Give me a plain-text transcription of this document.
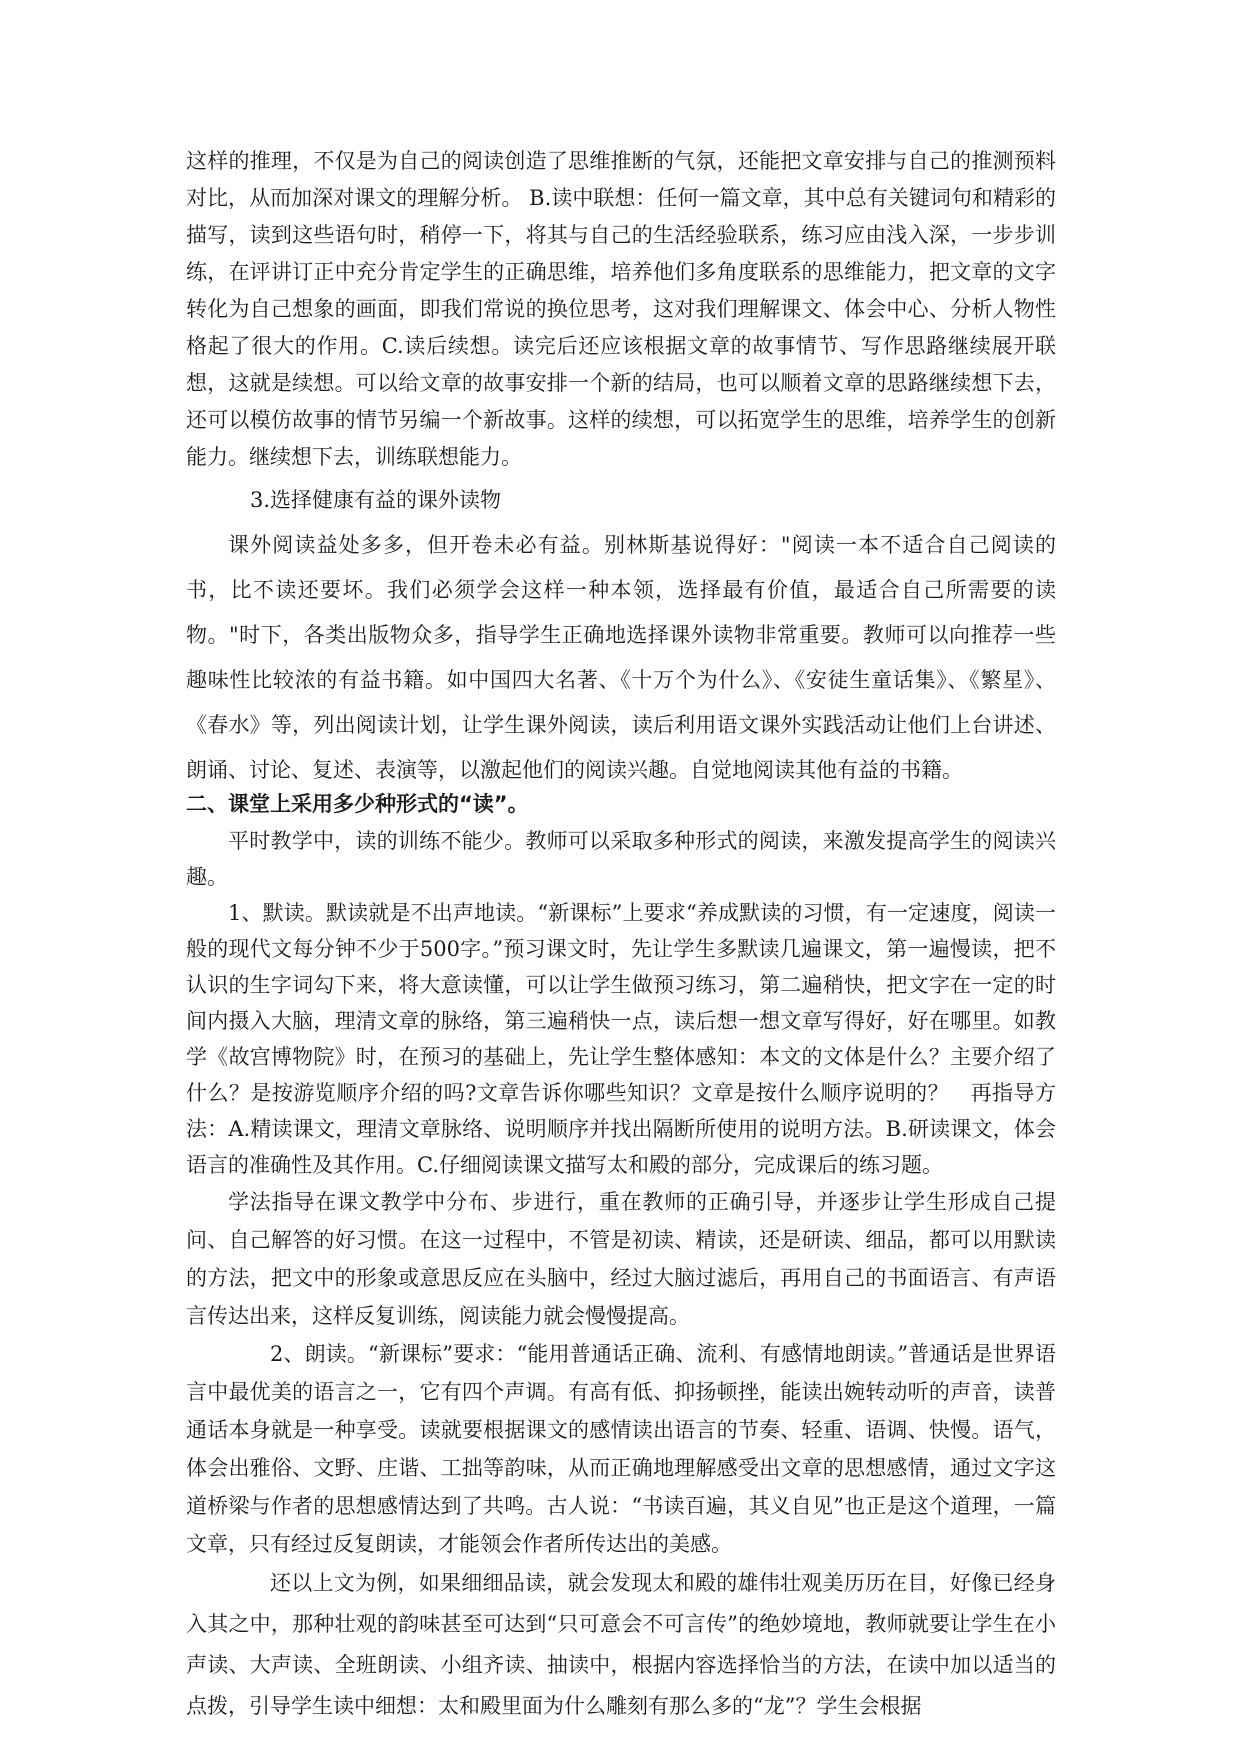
这样的推理，不仅是为自己的阅读创造了思维推断的气氛，还能把文章安排与自己的推测预料对比，从而加深对课文的理解分析。 B.读中联想：任何一篇文章，其中总有关键词句和精彩的描写，读到这些语句时，稍停一下，将其与自己的生活经验联系，练习应由浅入深，一步步训练，在评讲订正中充分肯定学生的正确思维，培养他们多角度联系的思维能力，把文章的文字转化为自己想象的画面，即我们常说的换位思考，这对我们理解课文、体会中心、分析人物性格起了很大的作用。C.读后续想。读完后还应该根据文章的故事情节、写作思路继续展开联想，这就是续想。可以给文章的故事安排一个新的结局，也可以顺着文章的思路继续想下去，还可以模仿故事的情节另编一个新故事。这样的续想，可以拓宽学生的思维，培养学生的创新能力。继续想下去，训练联想能力。

3.选择健康有益的课外读物

课外阅读益处多多，但开卷未必有益。别林斯基说得好："阅读一本不适合自己阅读的书，比不读还要坏。我们必须学会这样一种本领，选择最有价值，最适合自己所需要的读物。"时下，各类出版物众多，指导学生正确地选择课外读物非常重要。教师可以向推荐一些趣味性比较浓的有益书籍。如中国四大名著、《十万个为什么》、《安徒生童话集》、《繁星》、《春水》等，列出阅读计划，让学生课外阅读，读后利用语文课外实践活动让他们上台讲述、朗诵、讨论、复述、表演等，以激起他们的阅读兴趣。自觉地阅读其他有益的书籍。

二、课堂上采用多少种形式的“读”。

平时教学中，读的训练不能少。教师可以采取多种形式的阅读，来激发提高学生的阅读兴趣。

1、默读。默读就是不出声地读。“新课标”上要求“养成默读的习惯，有一定速度，阅读一般的现代文每分钟不少于500字。”预习课文时，先让学生多默读几遍课文，第一遍慢读，把不认识的生字词勾下来，将大意读懂，可以让学生做预习练习，第二遍稍快，把文字在一定的时间内摄入大脑，理清文章的脉络，第三遍稍快一点，读后想一想文章写得好，好在哪里。如教学《故宫博物院》时，在预习的基础上，先让学生整体感知：本文的文体是什么？主要介绍了什么？是按游览顺序介绍的吗?文章告诉你哪些知识？文章是按什么顺序说明的？　再指导方法：A.精读课文，理清文章脉络、说明顺序并找出隔断所使用的说明方法。B.研读课文，体会语言的准确性及其作用。C.仔细阅读课文描写太和殿的部分，完成课后的练习题。

学法指导在课文教学中分布、步进行，重在教师的正确引导，并逐步让学生形成自己提问、自己解答的好习惯。在这一过程中，不管是初读、精读，还是研读、细品，都可以用默读的方法，把文中的形象或意思反应在头脑中，经过大脑过滤后，再用自己的书面语言、有声语言传达出来，这样反复训练，阅读能力就会慢慢提高。

2、朗读。“新课标”要求：“能用普通话正确、流利、有感情地朗读。”普通话是世界语言中最优美的语言之一，它有四个声调。有高有低、抑扬顿挫，能读出婉转动听的声音，读普通话本身就是一种享受。读就要根据课文的感情读出语言的节奏、轻重、语调、快慢。语气，体会出雅俗、文野、庄谐、工拙等韵味，从而正确地理解感受出文章的思想感情，通过文字这道桥梁与作者的思想感情达到了共鸣。古人说：“书读百遍，其义自见”也正是这个道理，一篇文章，只有经过反复朗读，才能领会作者所传达出的美感。

还以上文为例，如果细细品读，就会发现太和殿的雄伟壮观美历历在目，好像已经身入其之中，那种壮观的韵味甚至可达到“只可意会不可言传”的绝妙境地，教师就要让学生在小声读、大声读、全班朗读、小组齐读、抽读中，根据内容选择恰当的方法，在读中加以适当的点拨，引导学生读中细想：太和殿里面为什么雕刻有那么多的“龙”？学生会根据
